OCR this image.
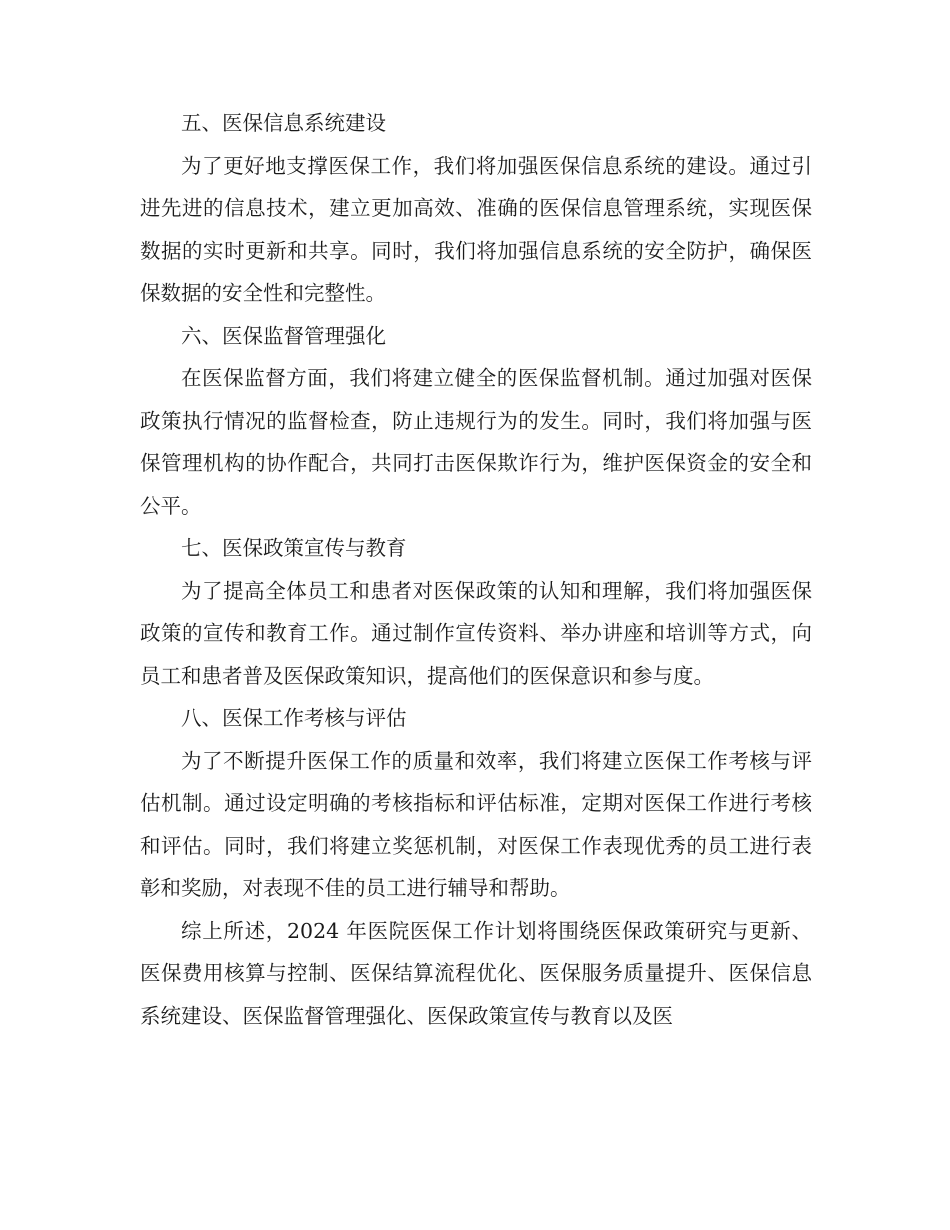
五、医保信息系统建设

为了更好地支撑医保工作，我们将加强医保信息系统的建设。通过引进先进的信息技术，建立更加高效、准确的医保信息管理系统，实现医保数据的实时更新和共享。同时，我们将加强信息系统的安全防护，确保医保数据的安全性和完整性。

六、医保监督管理强化

在医保监督方面，我们将建立健全的医保监督机制。通过加强对医保政策执行情况的监督检查，防止违规行为的发生。同时，我们将加强与医保管理机构的协作配合，共同打击医保欺诈行为，维护医保资金的安全和公平。

七、医保政策宣传与教育

为了提高全体员工和患者对医保政策的认知和理解，我们将加强医保政策的宣传和教育工作。通过制作宣传资料、举办讲座和培训等方式，向员工和患者普及医保政策知识，提高他们的医保意识和参与度。

八、医保工作考核与评估

为了不断提升医保工作的质量和效率，我们将建立医保工作考核与评估机制。通过设定明确的考核指标和评估标准，定期对医保工作进行考核和评估。同时，我们将建立奖惩机制，对医保工作表现优秀的员工进行表彰和奖励，对表现不佳的员工进行辅导和帮助。

综上所述，2024 年医院医保工作计划将围绕医保政策研究与更新、医保费用核算与控制、医保结算流程优化、医保服务质量提升、医保信息系统建设、医保监督管理强化、医保政策宣传与教育以及医
